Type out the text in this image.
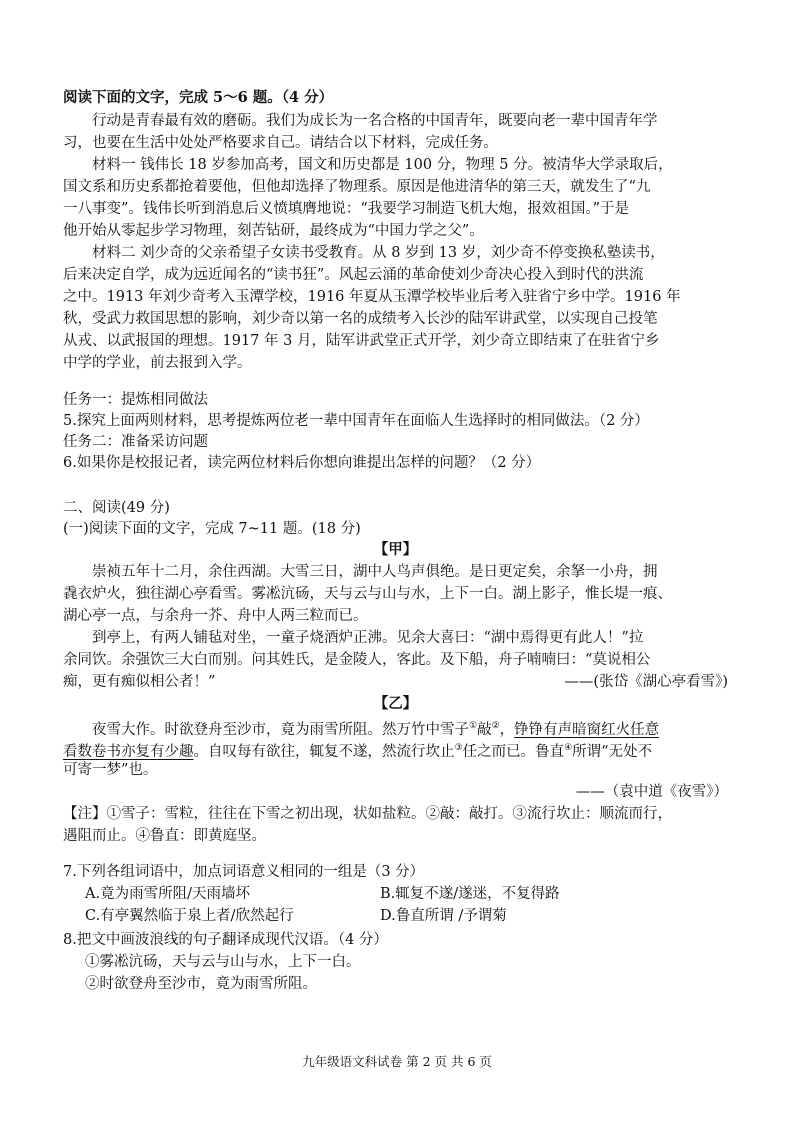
阅读下面的文字，完成 5～6 题。（4 分）
行动是青春最有效的磨砺。我们为成长为一名合格的中国青年，既要向老一辈中国青年学
习，也要在生活中处处严格要求自己。请结合以下材料，完成任务。
材料一 钱伟长 18 岁参加高考，国文和历史都是 100 分，物理 5 分。被清华大学录取后，
国文系和历史系都抢着要他，但他却选择了物理系。原因是他进清华的第三天，就发生了“九
一八事变”。钱伟长听到消息后义愤填膺地说：“我要学习制造飞机大炮，报效祖国。”于是
他开始从零起步学习物理，刻苦钻研，最终成为“中国力学之父”。
材料二 刘少奇的父亲希望子女读书受教育。从 8 岁到 13 岁，刘少奇不停变换私塾读书，
后来决定自学，成为远近闻名的“读书狂”。风起云涌的革命使刘少奇决心投入到时代的洪流
之中。1913 年刘少奇考入玉潭学校，1916 年夏从玉潭学校毕业后考入驻省宁乡中学。1916 年
秋，受武力救国思想的影响，刘少奇以第一名的成绩考入长沙的陆军讲武堂，以实现自己投笔
从戎、以武报国的理想。1917 年 3 月，陆军讲武堂正式开学，刘少奇立即结束了在驻省宁乡
中学的学业，前去报到入学。
任务一：提炼相同做法
5.探究上面两则材料，思考提炼两位老一辈中国青年在面临人生选择时的相同做法。（2 分）
任务二：准备采访问题
6.如果你是校报记者，读完两位材料后你想向谁提出怎样的问题？（2 分）
二、阅读(49 分)
(一)阅读下面的文字，完成 7~11 题。(18 分)
【甲】
崇祯五年十二月，余住西湖。大雪三日，湖中人鸟声俱绝。是日更定矣，余拏一小舟，拥
毳衣炉火，独往湖心亭看雪。雾凇沆砀，天与云与山与水，上下一白。湖上影子，惟长堤一痕、
湖心亭一点，与余舟一芥、舟中人两三粒而已。
到亭上，有两人铺毡对坐，一童子烧酒炉正沸。见余大喜曰：“湖中焉得更有此人！”拉
余同饮。余强饮三大白而别。问其姓氏，是金陵人，客此。及下船，舟子喃喃曰：“莫说相公
痴，更有痴似相公者！”	——(张岱《湖心亭看雪》)
【乙】
夜雪大作。时欲登舟至沙市，竟为雨雪所阻。然万竹中雪子①敲②，铮铮有声暗窗红火任意
看数卷书亦复有少趣。自叹每有欲往，辄复不遂，然流行坎止③任之而已。鲁直④所谓“无处不
可寄一梦”也。
——（袁中道《夜雪》）
【注】①雪子：雪粒，往往在下雪之初出现，状如盐粒。②敲：敲打。③流行坎止：顺流而行，
遇阻而止。④鲁直：即黄庭坚。
7.下列各组词语中，加点词语意义相同的一组是（3 分）
A.竟为雨雪所阻/天雨墙坏	B.辄复不遂/遂迷，不复得路
C.有亭翼然临于泉上者/欣然起行	D.鲁直所谓 /予谓菊
8.把文中画波浪线的句子翻译成现代汉语。（4 分）
①雾凇沆砀，天与云与山与水，上下一白。
②时欲登舟至沙市，竟为雨雪所阻。
九年级语文科试卷 第 2 页 共 6 页
